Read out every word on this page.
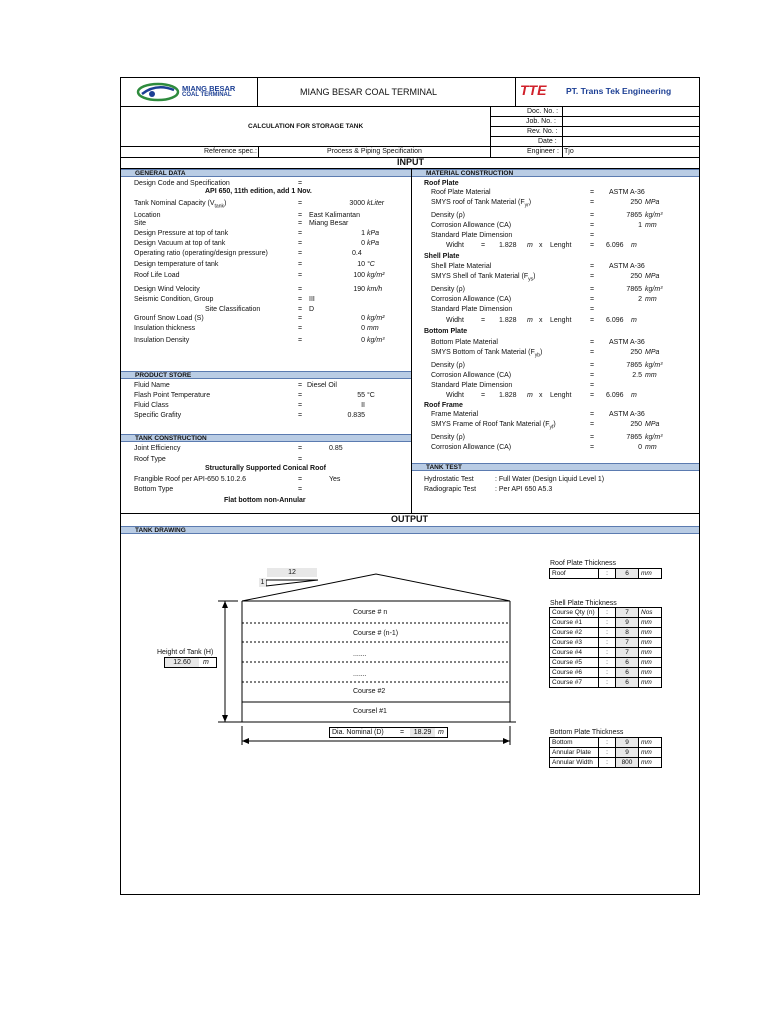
MIANG BESAR
COAL TERMINAL	MIANG BESAR COAL TERMINAL	TTE PT. Trans Tek Engineering
Doc. No. :
Job. No. :
Rev. No. :
Date :
Engineer : Tjo
CALCULATION FOR STORAGE TANK
Reference spec.:	Process & Piping Specification
INPUT
GENERAL DATA
PRODUCT STORE
TANK CONSTRUCTION
MATERIAL CONSTRUCTION
TANK TEST
Hydrostatic Test	: Full Water (Design Liquid Level 1)
Radiograpic Test	: Per API 650 A5.3
OUTPUT
TANK DRAWING
12
1
Course # n
Course # (n-1)
.......
.......
Course #2
Coursel #1
Height of Tank (H)
12.60	m
Dia. Nominal (D) =	18.29 m
Roof Plate Thickness
Roof	:	6	mm
Shell Plate Thickness
Course Qty (n)	:	7	Nos
Course #1	:	9	mm
Course #2	:	8	mm
Course #3	:	7	mm
Course #4	:	7	mm
Course #5	:	6	mm
Course #6	:	6	mm
Course #7	:	6	mm
Bottom Plate Thickness
Bottom	:	9	mm
Annular Plate	:	9	mm
Annular Width	:	800	mm
Design Code and Specification	=
API 650, 11th edition, add 1 Nov.
Tank Nominal Capacity $(V_{tank})$	=	3000 kLiter
Location	= East Kalimantan
Site	= Miang Besar
Design Pressure at top of tank	=	1 kPa
Design Vacuum at top of tank	=	0 kPa
Operating ratio (operating/design pressure)	=	0.4
Design temperature of tank	=	10 °C
Roof Life Load	=	100 kg/m²
Design Wind Velocity	=	190 km/h
Seismic Condition, Group	= III
Site Classification	= D
Grounf Snow Load (S)	=	0 kg/m²
Insulation thickness	=	0 mm
Insulation Density	=	0 kg/m³
Fluid Name	= Diesel Oil
Flash Point Temperature	=	55 °C
Fluid Class	=	II
Specific Grafity	=	0.835
Joint Efficiency	=	0.85
Roof Type	=
Structurally Supported Conical Roof
Frangible Roof per API-650 5.10.2.6	=	Yes
Bottom Type	=
Flat bottom non-Annular
Roof Plate
Shell Plate
Bottom Plate
Roof Frame
Roof Plate Material	= ASTM A-36
SMYS roof of Tank Material $(F_{yr})$	=	250 MPa
Density (ρ)	=	7865 kg/m³
Corrosion Allowance (CA)	=	1 mm
Standard Plate Dimension	=
Shell Plate Material	= ASTM A-36
SMYS Shell of Tank Material $(F_{ys})$	=	250 MPa
Density (ρ)	=	7865 kg/m³
Corrosion Allowance (CA)	=	2 mm
Standard Plate Dimension	=
Bottom Plate Material	= ASTM A-36
SMYS Bottom of Tank Material $(F_{yb})$	=	250 MPa
Density (ρ)	=	7865 kg/m³
Corrosion Allowance (CA)	=	2.5 mm
Standard Plate Dimension	=
Frame Material	= ASTM A-36
SMYS Frame of Roof Tank Material $(F_{yf})$	=	250 MPa
Density (ρ)	=	7865 kg/m³
Corrosion Allowance (CA)	=	0 mm
Widht = 1.828 m x Lenght	= 6.096 m
Widht = 1.828 m x Lenght	= 6.096 m
Widht = 1.828 m x Lenght	= 6.096 m
